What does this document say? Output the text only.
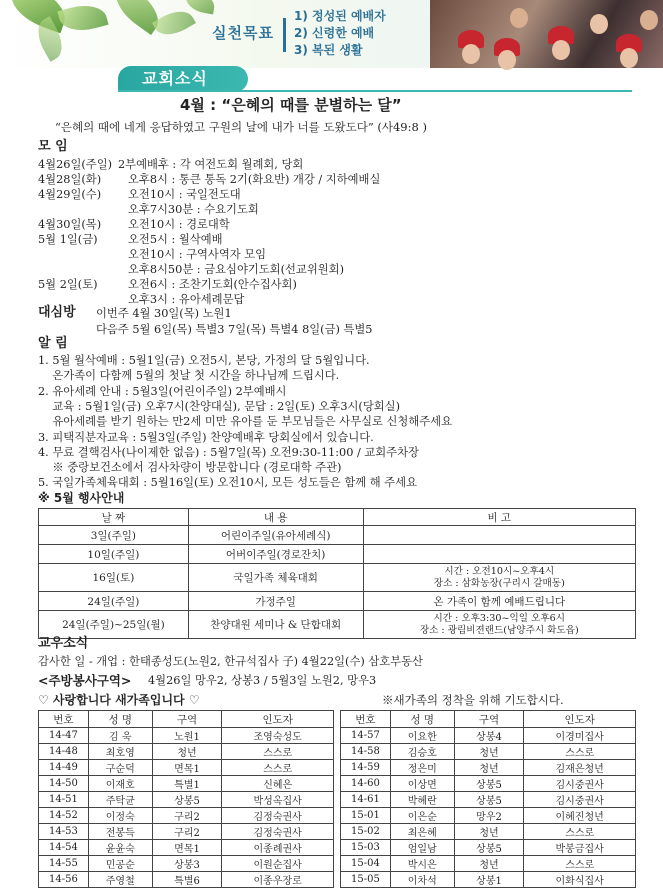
실천목표
1) 정성된 예배자
2) 신령한 예배
3) 복된 생활
교회소식
4월 : “은혜의 때를 분별하는 달”
“은혜의 때에 네게 응답하였고 구원의 날에 내가 너를 도왔도다” (사49:8 )
모 임
4월26일(주일) 2부예배후 : 각 여전도회 월례회, 당회
4월28일(화) 오후8시 : 통큰 통독 2기(화요반) 개강 / 지하예배실
4월29일(수) 오전10시 : 국일전도대
오후7시30분 : 수요기도회
4월30일(목) 오전10시 : 경로대학
5월 1일(금)	오전5시 : 월삭예배
오전10시 : 구역사역자 모임
오후8시50분 : 금요심야기도회(선교위원회)
5월 2일(토)	오전6시 : 조찬기도회(안수집사회)
오후3시 : 유아세례문답
대심방 이번주 4월 30일(목) 노원1
다음주 5월 6일(목) 특별3 7일(목) 특별4 8일(금) 특별5
알 림
1. 5월 월삭예배 : 5월1일(금) 오전5시, 본당, 가정의 달 5월입니다.
온가족이 다함께 5월의 첫날 첫 시간을 하나님께 드립시다.
2. 유아세례 안내 : 5월3일(어린이주일) 2부예배시
교육 : 5월1일(금) 오후7시(찬양대실), 문답 : 2일(토) 오후3시(당회실)
유아세례를 받기 원하는 만2세 미만 유아를 둔 부모님들은 사무실로 신청해주세요
3. 피택직분자교육 : 5월3일(주일) 찬양예배후 당회실에서 있습니다.
4. 무료 결핵검사(나이제한 없음) : 5월7일(목) 오전9:30-11:00 / 교회주차장
※ 중랑보건소에서 검사차량이 방문합니다 (경로대학 주관)
5. 국일가족체육대회 : 5월16일(토) 오전10시, 모든 성도들은 함께 해 주세요
※ 5월 행사안내
날 짜	내 용	비 고
3일(주일)	어린이주일(유아세례식)	
10일(주일)	어버이주일(경로잔치)	
16일(토)	국일가족 체육대회	시간 : 오전10시~오후4시
장소 : 삼화농장(구리시 갈매동)

24일(주일)	가정주일	온 가족이 함께 예배드립니다
24일(주일)~25일(월)	찬양대원 세미나 & 단합대회	시간 : 오후3:30~익일 오후6시
장소 : 광림비젼랜드(남양주시 화도읍)
교우소식
감사한 일 - 개업 : 한태종성도(노원2, 한규석집사 子) 4월22일(수) 삼호부동산
<주방봉사구역> 4월26일 망우2, 상봉3 / 5월3일 노원2, 망우3
♡ 사랑합니다 새가족입니다 ♡	※새가족의 정착을 위해 기도합시다.
번호	성 명	구역	인도자
14-47	김 욱	노원1	조영숙성도
14-48	최호영	청년	스스로
14-49	구순덕	면목1	스스로
14-50	이재호	특별1	신혜은
14-51	주탁균	상봉5	박성옥집사
14-52	이정숙	구리2	김정숙권사
14-53	전봉득	구리2	김정숙권사
14-54	윤윤숙	면목1	이종례권사
14-55	민공순	상봉3	이원순집사
14-56	주영철	특별6	이종우장로
번호	성 명	구역	인도자
14-57	이요한	상봉4	이경미집사
14-58	김승호	청년	스스로
14-59	정은미	청년	김재은청년
14-60	이상면	상봉5	김시중권사
14-61	박혜란	상봉5	김시중권사
15-01	이은순	망우2	이혜진청년
15-02	최은혜	청년	스스로
15-03	엄일남	상봉5	박봉금집사
15-04	박시은	청년	스스로
15-05	이차석	상봉1	이화식집사
